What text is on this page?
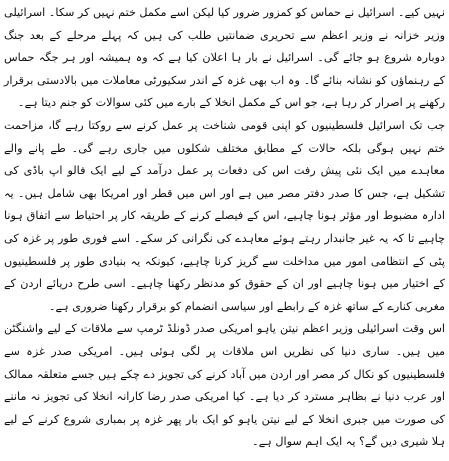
نہیں کیے۔ اسرائیل نے حماس کو کمزور ضرور کیا لیکن اسے مکمل ختم نہیں کر سکا۔ اسرائیلی وزیر خزانہ نے وزیر اعظم سے تحریری ضمانتیں طلب کی ہیں کہ پہلے مرحلے کے بعد جنگ دوبارہ شروع ہو جائے گی۔ اسرائیل نے بار ہا اعلان کیا ہے کہ وہ ہمیشہ اور ہر جگہ حماس کے رہنماؤں کو نشانہ بنائے گا۔ وہ اب بھی غزہ کے اندر سکیورٹی معاملات میں بالادستی برقرار رکھنے پر اصرار کر رہا ہے، جو اس کے مکمل انخلا کے بارے میں کئی سوالات کو جنم دیتا ہے۔

جب تک اسرائیل فلسطینیوں کو اپنی قومی شناخت پر عمل کرنے سے روکتا رہے گا، مزاحمت ختم نہیں ہوگی بلکہ حالات کے مطابق مختلف شکلوں میں جاری رہے گی۔ طے پانے والے معاہدے میں ایک نئی پیش رفت اس کی دفعات پر عمل درآمد کے لیے ایک فالو اپ باڈی کی تشکیل ہے، جس کا صدر دفتر مصر میں ہے اور اس میں قطر اور امریکا بھی شامل ہیں۔ یہ ادارہ مضبوط اور مؤثر ہونا چاہیے، اس کے فیصلے کرنے کے طریقہ کار پر احتیاط سے اتفاق ہونا چاہیے تا کہ یہ غیر جانبدار رہتے ہوئے معاہدے کی نگرانی کر سکے۔ اسے فوری طور پر غزہ کی پٹی کے انتظامی امور میں مداخلت سے گریز کرنا چاہیے، کیونکہ یہ بنیادی طور پر فلسطینیوں کے اختیار میں ہونا چاہیے اور ان کے حقوق کو مدنظر رکھنا چاہیے۔ اسی طرح دریائے اردن کے مغربی کنارے کے ساتھ غزہ کے رابطے اور سیاسی انضمام کو برقرار رکھنا ضروری ہے۔

اس وقت اسرائیلی وزیر اعظم نیتن یاہو امریکی صدر ڈونلڈ ٹرمپ سے ملاقات کے لیے واشنگٹن میں ہیں۔ ساری دنیا کی نظریں اس ملاقات پر لگی ہوئی ہیں۔ امریکی صدر غزہ سے فلسطینیوں کو نکال کر مصر اور اردن میں آباد کرنے کی تجویز دے چکے ہیں جسے متعلقہ ممالک اور عرب دنیا نے بظاہر مسترد کر دیا ہے۔ کیا امریکی صدر رضا کارانہ انخلا کی تجویز نہ ماننے کی صورت میں جبری انخلا کے لیے نیتن یاہو کو ایک بار پھر غزہ پر بمباری شروع کرنے کے لیے ہلا شیری دیں گے؟ یہ ایک اہم سوال ہے۔
